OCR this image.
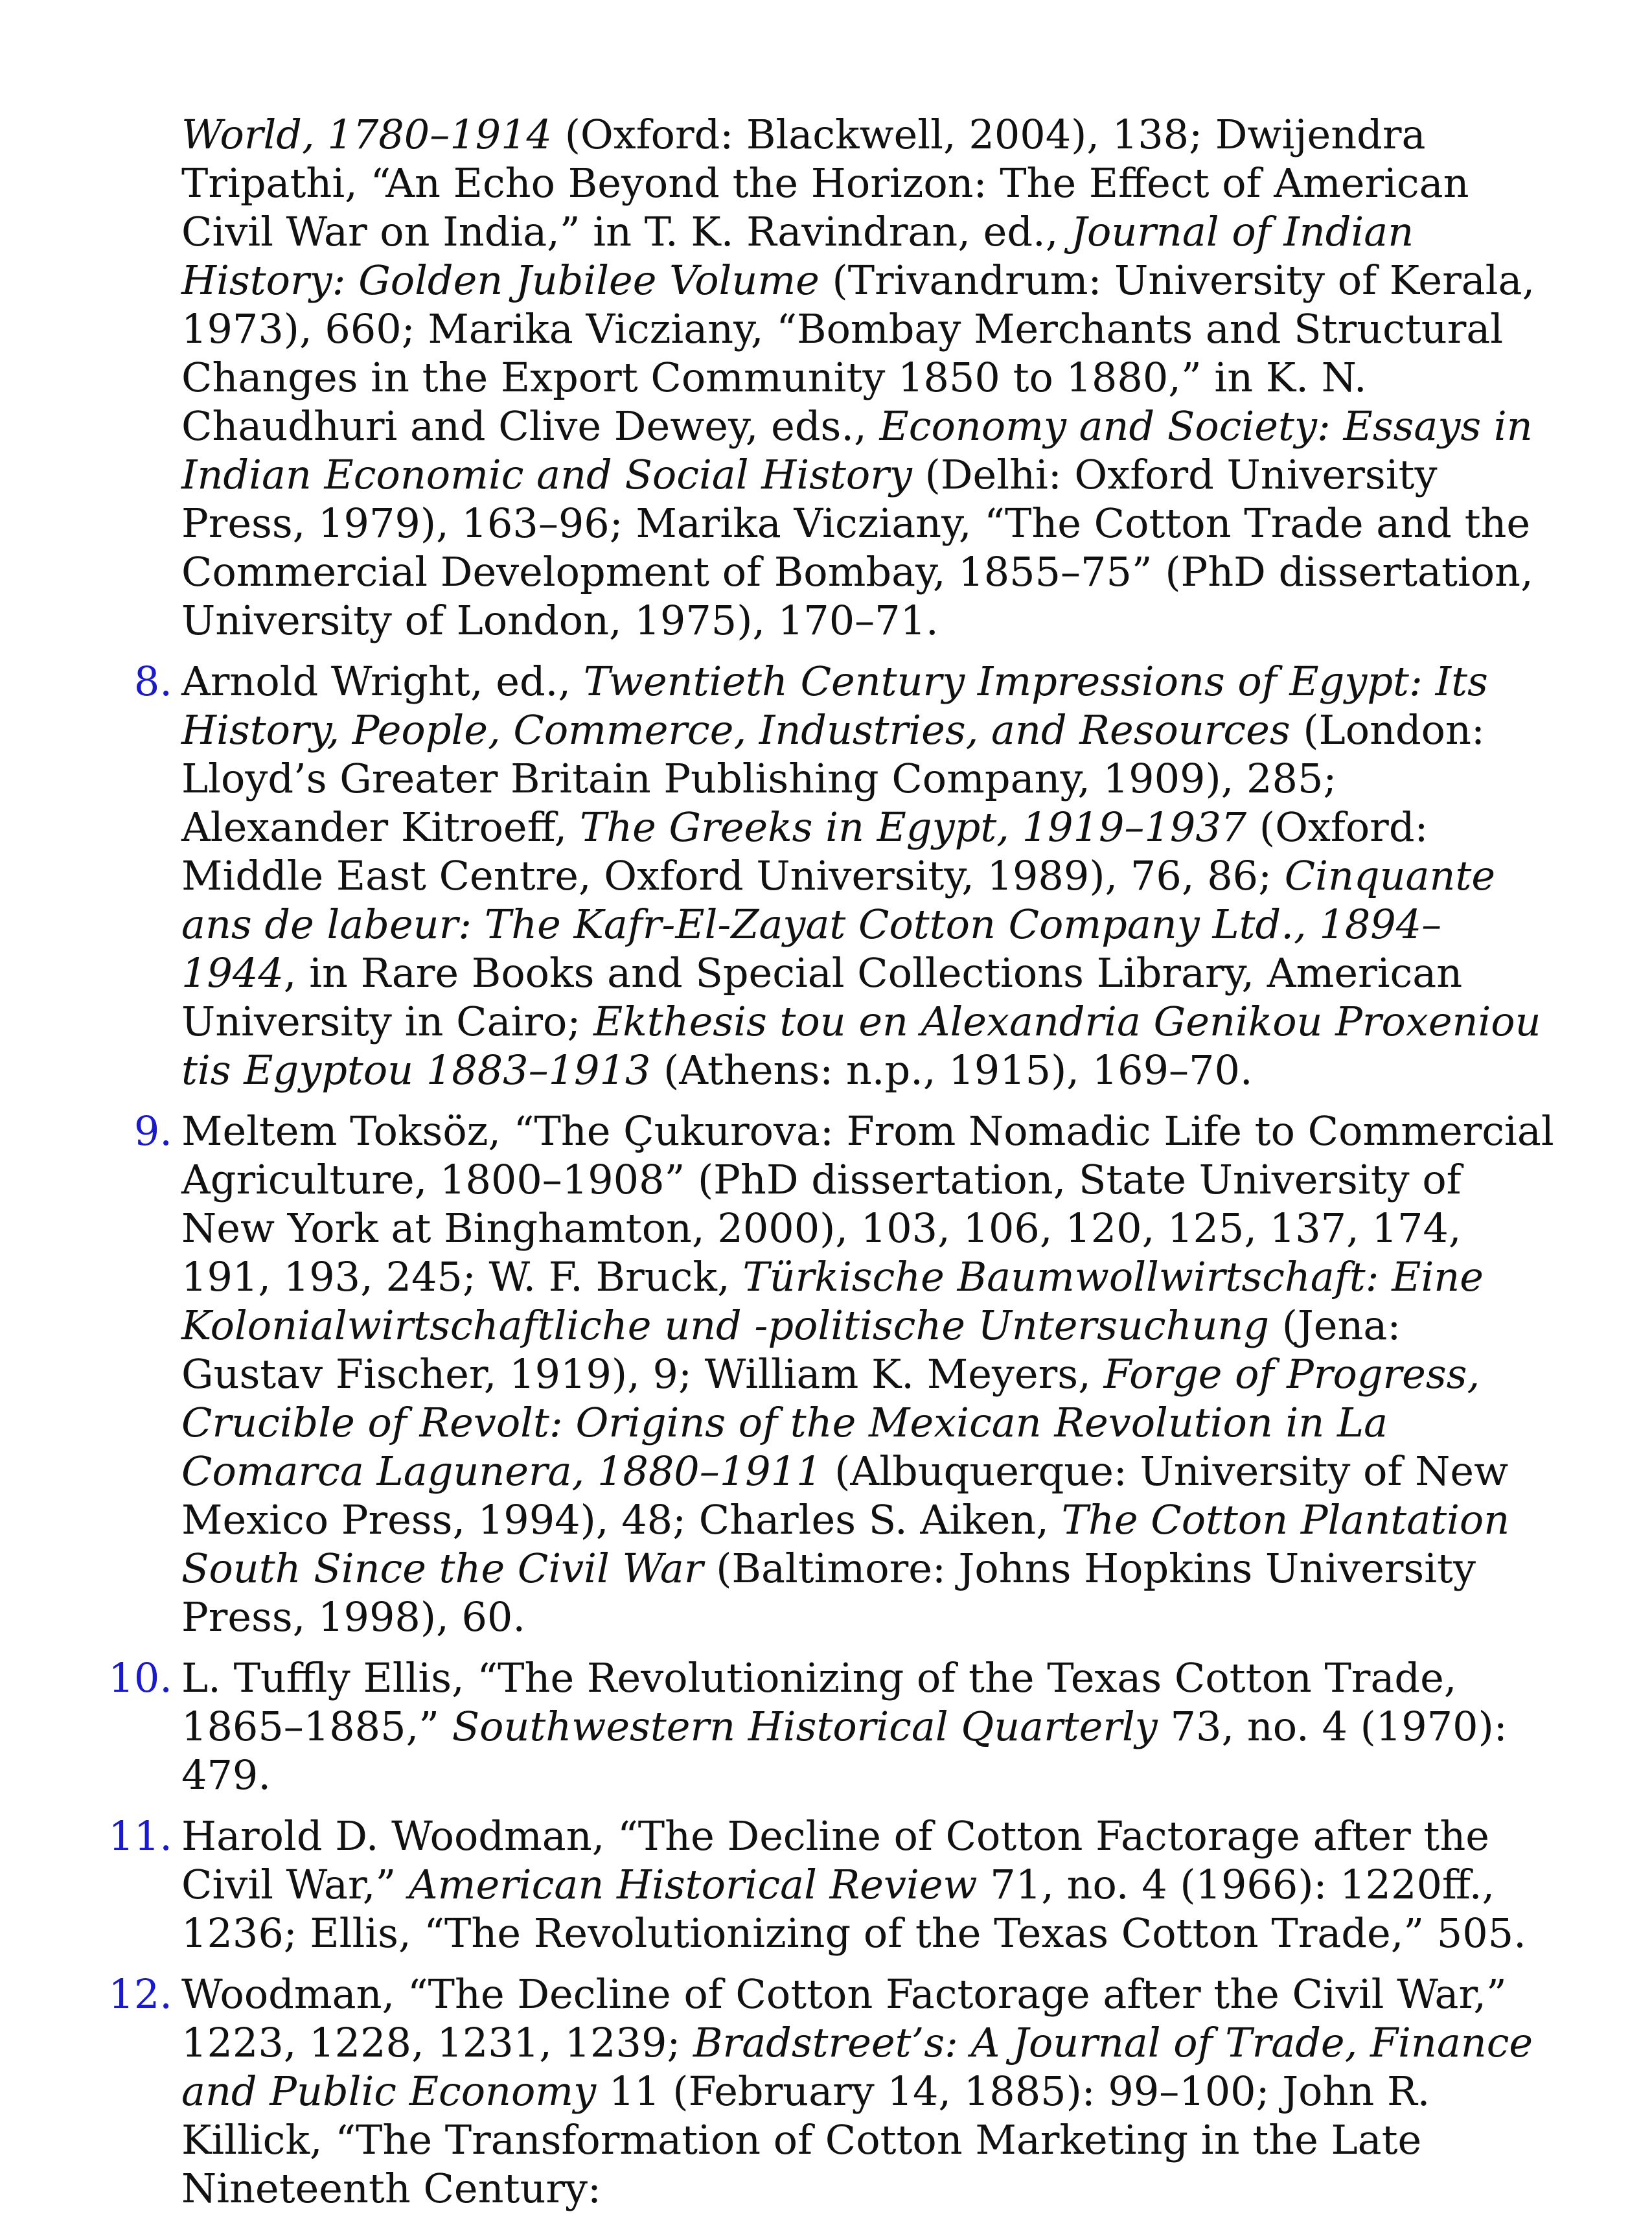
World, 1780–1914 (Oxford: Blackwell, 2004), 138; Dwijendra Tripathi, “An Echo Beyond the Horizon: The Effect of American Civil War on India,” in T. K. Ravindran, ed., Journal of Indian History: Golden Jubilee Volume (Trivandrum: University of Kerala, 1973), 660; Marika Vicziany, “Bombay Merchants and Structural Changes in the Export Community 1850 to 1880,” in K. N. Chaudhuri and Clive Dewey, eds., Economy and Society: Essays in Indian Economic and Social History (Delhi: Oxford University Press, 1979), 163–96; Marika Vicziany, “The Cotton Trade and the Commercial Development of Bombay, 1855–75” (PhD dissertation, University of London, 1975), 170–71.
8. Arnold Wright, ed., Twentieth Century Impressions of Egypt: Its History, People, Commerce, Industries, and Resources (London: Lloyd’s Greater Britain Publishing Company, 1909), 285; Alexander Kitroeff, The Greeks in Egypt, 1919–1937 (Oxford: Middle East Centre, Oxford University, 1989), 76, 86; Cinquante ans de labeur: The Kafr-El-Zayat Cotton Company Ltd., 1894–1944, in Rare Books and Special Collections Library, American University in Cairo; Ekthesis tou en Alexandria Genikou Proxeniou tis Egyptou 1883–1913 (Athens: n.p., 1915), 169–70.
9. Meltem Toksöz, “The Çukurova: From Nomadic Life to Commercial Agriculture, 1800–1908” (PhD dissertation, State University of New York at Binghamton, 2000), 103, 106, 120, 125, 137, 174, 191, 193, 245; W. F. Bruck, Türkische Baumwollwirtschaft: Eine Kolonialwirtschaftliche und -politische Untersuchung (Jena: Gustav Fischer, 1919), 9; William K. Meyers, Forge of Progress, Crucible of Revolt: Origins of the Mexican Revolution in La Comarca Lagunera, 1880–1911 (Albuquerque: University of New Mexico Press, 1994), 48; Charles S. Aiken, The Cotton Plantation South Since the Civil War (Baltimore: Johns Hopkins University Press, 1998), 60.
10. L. Tuffly Ellis, “The Revolutionizing of the Texas Cotton Trade, 1865–1885,” Southwestern Historical Quarterly 73, no. 4 (1970): 479.
11. Harold D. Woodman, “The Decline of Cotton Factorage after the Civil War,” American Historical Review 71, no. 4 (1966): 1220ff., 1236; Ellis, “The Revolutionizing of the Texas Cotton Trade,” 505.
12. Woodman, “The Decline of Cotton Factorage after the Civil War,” 1223, 1228, 1231, 1239; Bradstreet’s: A Journal of Trade, Finance and Public Economy 11 (February 14, 1885): 99–100; John R. Killick, “The Transformation of Cotton Marketing in the Late Nineteenth Century:
